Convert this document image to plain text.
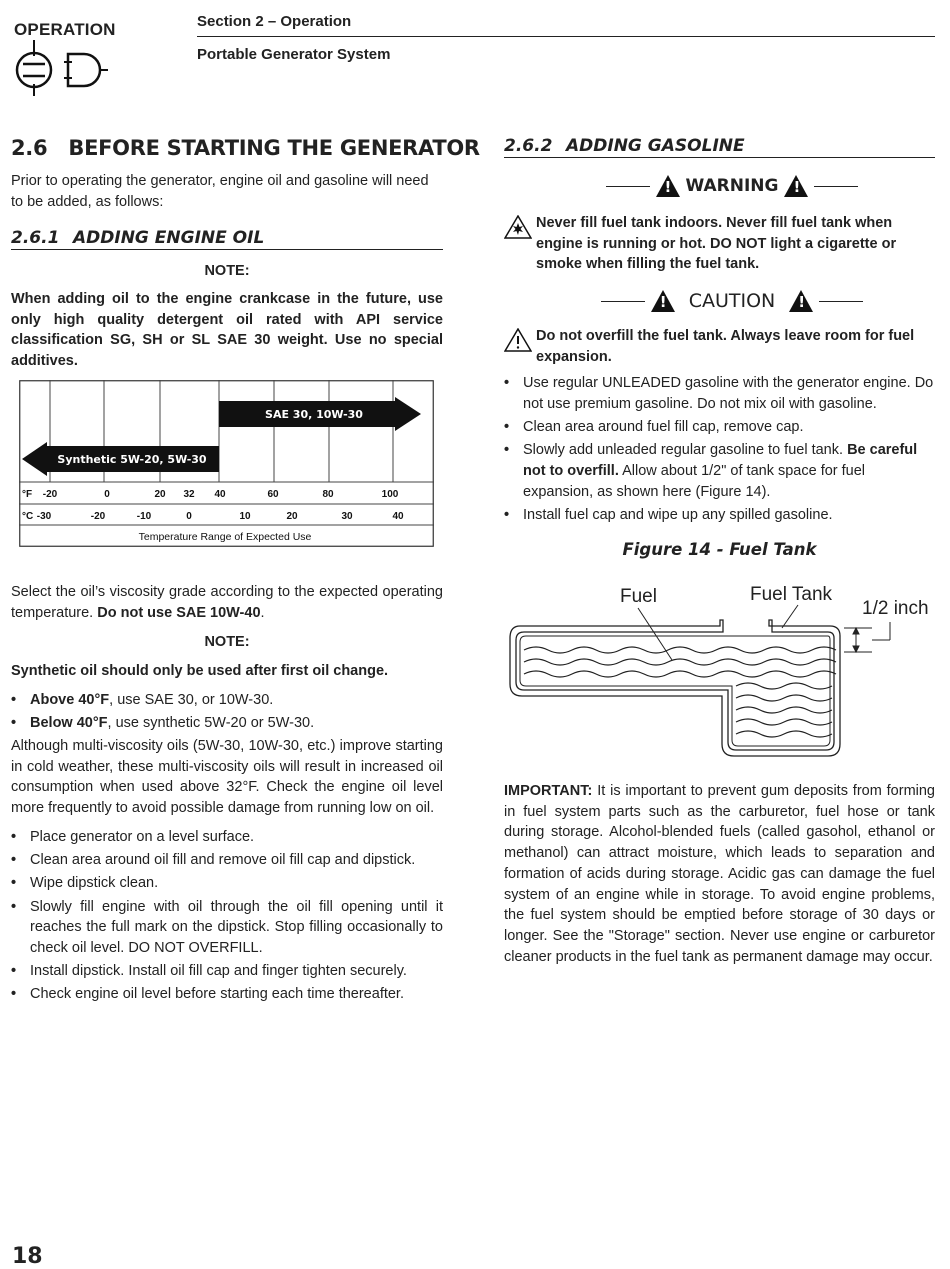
OPERATION	Section 2 – Operation
Portable Generator System
2.6 BEFORE STARTING THE GENERATOR

Prior to operating the generator, engine oil and gasoline will need to be added, as follows:

2.6.1 ADDING ENGINE OIL
NOTE:

When adding oil to the engine crankcase in the future, use only high quality detergent oil rated with API service classification SG, SH or SL SAE 30 weight. Use no special additives.

SAE 30, 10W-30
Synthetic 5W-20, 5W-30
°F -20	0	20 32 40	60	80	100
°C -30	-20	-10	0	10	20	30	40
Temperature Range of Expected Use

Select the oil’s viscosity grade according to the expected operating temperature. Do not use SAE 10W-40.

NOTE:

Synthetic oil should only be used after first oil change.

• Above 40°F, use SAE 30, or 10W-30.
• Below 40°F, use synthetic 5W-20 or 5W-30.

Although multi-viscosity oils (5W-30, 10W-30, etc.) improve starting in cold weather, these multi-viscosity oils will result in increased oil consumption when used above 32°F. Check the engine oil level more frequently to avoid possible damage from running low on oil.

• Place generator on a level surface.
• Clean area around oil fill and remove oil fill cap and dipstick.
• Wipe dipstick clean.
• Slowly fill engine with oil through the oil fill opening until it reaches the full mark on the dipstick. Stop filling occasionally to check oil level. DO NOT OVERFILL.
• Install dipstick. Install oil fill cap and finger tighten securely.
• Check engine oil level before starting each time thereafter.
2.6.2 ADDING GASOLINE
!
WARNING
!

Never fill fuel tank indoors. Never fill fuel tank when engine is running or hot. DO NOT light a cigarette or smoke when filling the fuel tank.

!
CAUTION
!

Do not overfill the fuel tank. Always leave room for fuel expansion.

• Use regular UNLEADED gasoline with the generator engine. Do not use premium gasoline. Do not mix oil with gasoline.
• Clean area around fuel fill cap, remove cap.
• Slowly add unleaded regular gasoline to fuel tank. Be careful not to overfill. Allow about 1/2" of tank space for fuel expansion, as shown here (Figure 14).
• Install fuel cap and wipe up any spilled gasoline.
Figure 14 - Fuel Tank
Fuel	Fuel Tank
1/2 inch

IMPORTANT: It is important to prevent gum deposits from forming in fuel system parts such as the carburetor, fuel hose or tank during storage. Alcohol-blended fuels (called gasohol, ethanol or methanol) can attract moisture, which leads to separation and formation of acids during storage. Acidic gas can damage the fuel system of an engine while in storage. To avoid engine problems, the fuel system should be emptied before storage of 30 days or longer. See the "Storage" section. Never use engine or carburetor cleaner products in the fuel tank as permanent damage may occur.

18
